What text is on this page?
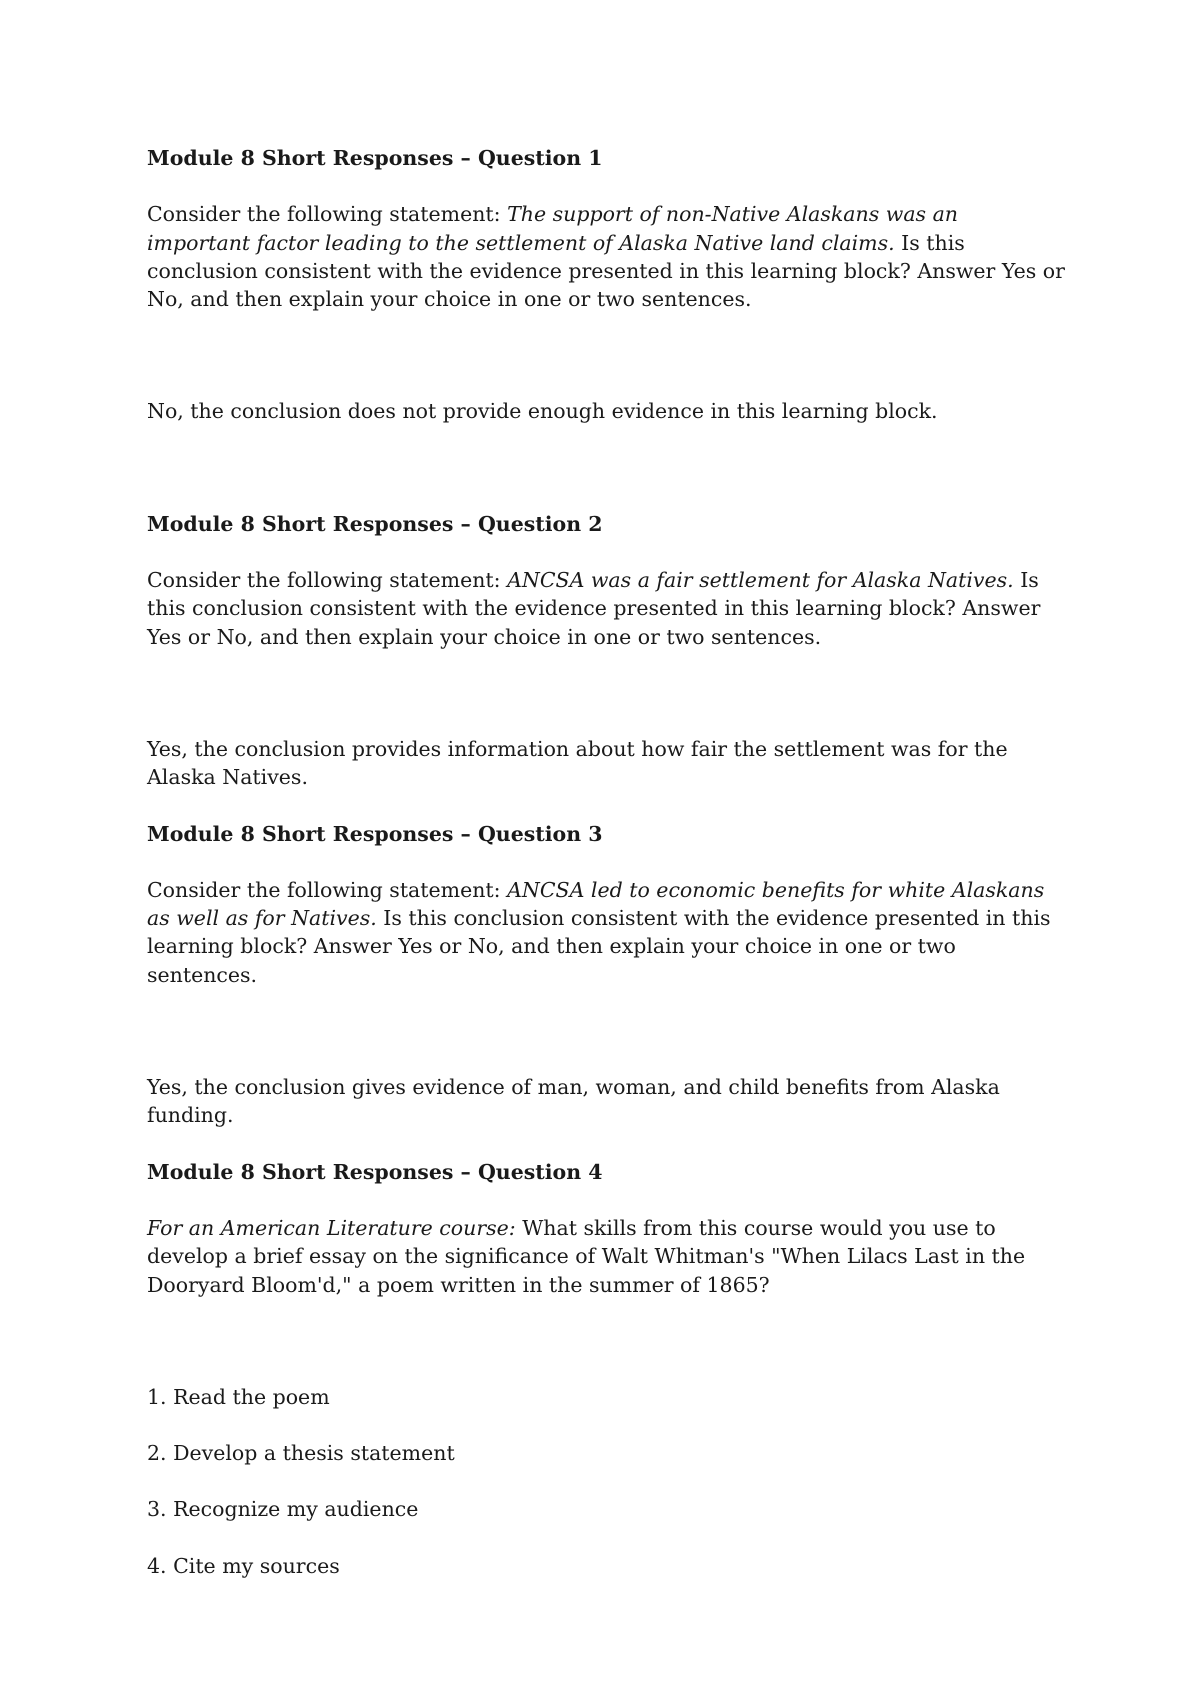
Module 8 Short Responses – Question 1

Consider the following statement: The support of non-Native Alaskans was an important factor leading to the settlement of Alaska Native land claims. Is this conclusion consistent with the evidence presented in this learning block? Answer Yes or No, and then explain your choice in one or two sentences.

No, the conclusion does not provide enough evidence in this learning block.

Module 8 Short Responses – Question 2

Consider the following statement: ANCSA was a fair settlement for Alaska Natives. Is this conclusion consistent with the evidence presented in this learning block? Answer Yes or No, and then explain your choice in one or two sentences.

Yes, the conclusion provides information about how fair the settlement was for the Alaska Natives.

Module 8 Short Responses – Question 3

Consider the following statement: ANCSA led to economic benefits for white Alaskans as well as for Natives. Is this conclusion consistent with the evidence presented in this learning block? Answer Yes or No, and then explain your choice in one or two sentences.

Yes, the conclusion gives evidence of man, woman, and child benefits from Alaska funding.

Module 8 Short Responses – Question 4

For an American Literature course: What skills from this course would you use to develop a brief essay on the significance of Walt Whitman's "When Lilacs Last in the Dooryard Bloom'd," a poem written in the summer of 1865?

1. Read the poem

2. Develop a thesis statement

3. Recognize my audience

4. Cite my sources
